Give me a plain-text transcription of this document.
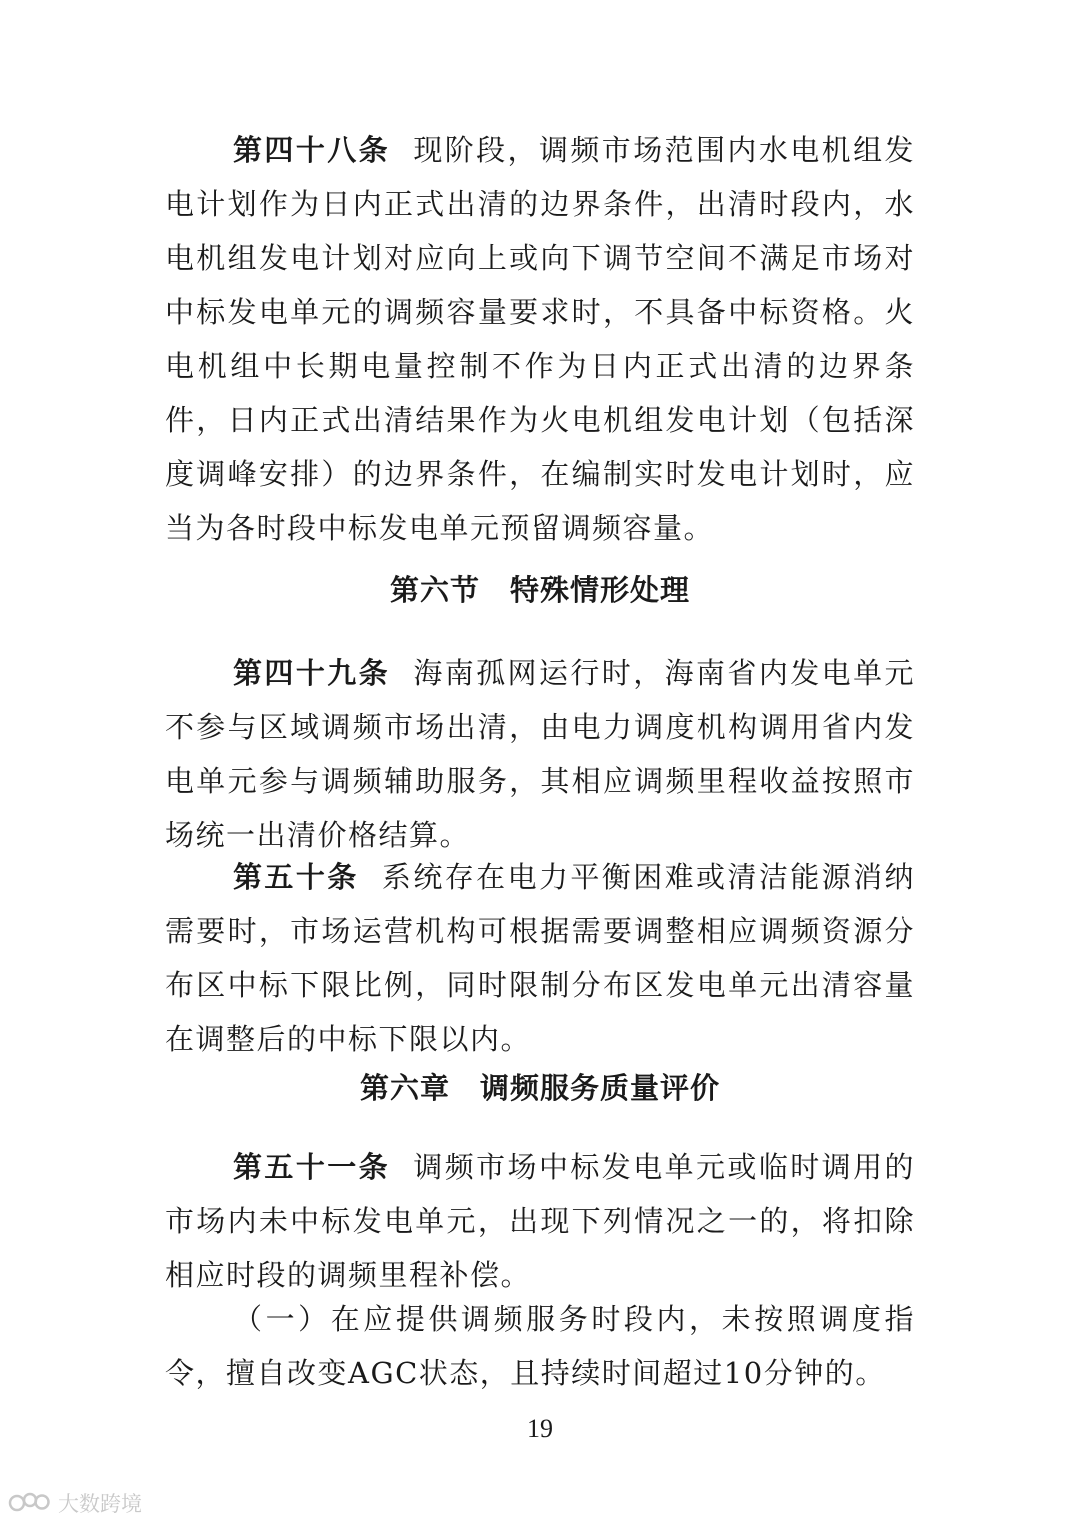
第四十八条 现阶段，调频市场范围内水电机组发电计划作为日内正式出清的边界条件，出清时段内，水电机组发电计划对应向上或向下调节空间不满足市场对中标发电单元的调频容量要求时，不具备中标资格。火电机组中长期电量控制不作为日内正式出清的边界条件，日内正式出清结果作为火电机组发电计划（包括深度调峰安排）的边界条件，在编制实时发电计划时，应当为各时段中标发电单元预留调频容量。

第六节　特殊情形处理

第四十九条 海南孤网运行时，海南省内发电单元不参与区域调频市场出清，由电力调度机构调用省内发电单元参与调频辅助服务，其相应调频里程收益按照市场统一出清价格结算。

第五十条 系统存在电力平衡困难或清洁能源消纳需要时，市场运营机构可根据需要调整相应调频资源分布区中标下限比例，同时限制分布区发电单元出清容量在调整后的中标下限以内。

第六章　调频服务质量评价

第五十一条 调频市场中标发电单元或临时调用的市场内未中标发电单元，出现下列情况之一的，将扣除相应时段的调频里程补偿。

（一）在应提供调频服务时段内，未按照调度指令，擅自改变AGC状态，且持续时间超过10分钟的。

19
大数跨境
